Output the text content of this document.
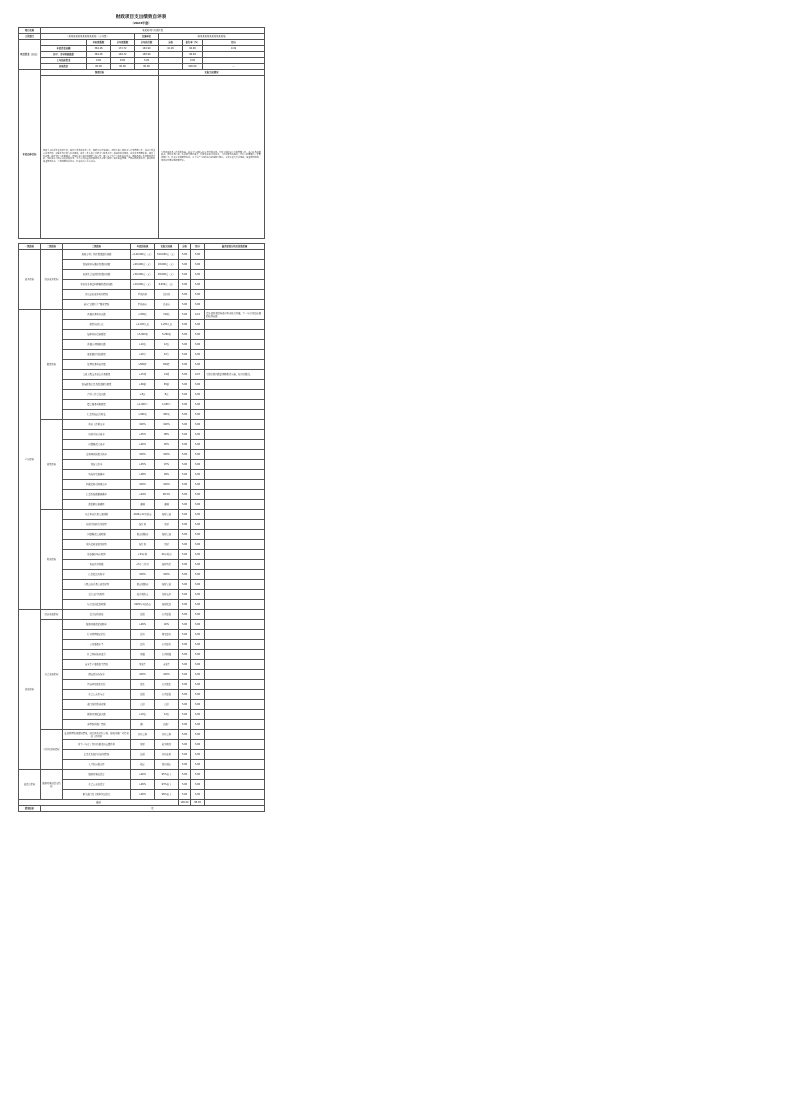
财政项目支出绩效自评表
（2024年度）
项目名称	某某某项目业务经费						
主管部门	（某某某某某某某某某某某某）（市本级）			实施单位	（某某某某某某某某某某某某）		
项目资金（万元）		年初预算数	全年预算数	全年执行数	分值	执行率（%）	得分
	年度资金总额	364.28	172.72	163.90	10.00	94.90	9.49
	其中：当年财政拨款	364.28	164.72	158.90		96.48	
	上年结转资金	0.00	8.00	5.00		0.00	
	其他资金	00.00	00.00	00.00		000.00	—
年度总体目标	预期目标				实际完成情况		
	围绕全市经济社会发展大局，做好年度各项业务工作，保障单位正常运转。组织实施专项检查与日常管理工作，完成年度重点任务目标；加强业务培训与队伍建设，提升工作人员专业能力与服务水平；推进信息化建设，完善业务管理系统，提高工作效率；做好宣传与政策解读，增强社会公众的知晓度与参与度；落实安全生产与风险防控要求，确保各项工作规范有序开展；及时完成上级交办的各项任务，为全市高质量发展提供有力支撑与保障；强化资金管理，严格按照预算执行，提高财政资金使用效益，实现预期经济效益、社会效益与生态效益。				年度各项业务工作有序推进，完成了年初设定的主要目标任务。开展专项检查与日常管理工作，重点任务如期完成；组织业务培训，队伍能力明显提升；信息化系统持续完善，工作效率有效提高；宣传与政策解读工作覆盖面扩大，社会公众满意度较高；安全生产与风险防控措施落实到位，未发生重大责任事故；资金使用规范，预算执行率达到预期要求。		
一级指标	二级指标	三级指标	年度指标值	实际完成值	分值	得分	偏差原因分析及改进措施
成本指标	经济成本指标	某某专项工作经费预算控制数	≤120,000元（元）	100,000元（元）	5.00	5.00	
		设备购置与维护经费控制数	≤20,000元（元）	18,000元（元）	5.00	5.00	
		培训及会议组织经费控制数	≤30,000元（元）	28,000元（元）	5.00	5.00	
		宣传及业务资料印刷经费控制数	≤10,000元（元）	9,000元（元）	5.00	5.00	
		日常运转成本控制情况	严格控制	已控制	5.00	5.00	
		落实“过紧日子”要求情况	严格落实	已落实	5.00	5.00	
产出指标	数量指标	开展业务检查次数	≥300次	310次	5.00	4.10	受外部因素影响部分检查延后开展，下一年度将提前做好统筹安排。
		组织培训人次	≥1,200人次	1,250人次	5.00	5.00	
		编印宣传资料数量	≥5,000份	5,200份	5.00	5.00	
		开展专项调研次数	≥10次	12次	5.00	5.00	
		更新维护设备数量	≥20台	22台	5.00	5.00	
		处理业务咨询件数	≥800件	820件	5.00	5.00	
		完成上级交办重点任务数量	≥15项	14项	5.00	4.67	个别任务因政策调整暂缓实施，将持续跟进。
		发布政务信息及政策解读数量	≥60条	65条	5.00	5.00	
		召开工作会议次数	≥8次	8次	5.00	5.00	
		覆盖服务对象数量	≥1,000户	1,050户	5.00	5.00	
		信息系统运行时长	≥360天	365天	5.00	5.00	
	质量指标	检查工作规范率	100%	100%	5.00	5.00	
		培训考核合格率	≥95%	98%	5.00	5.00	
		问题整改完成率	≥90%	95%	5.00	5.00	
		资料印制质量合格率	100%	100%	5.00	5.00	
		设备完好率	≥95%	97%	5.00	5.00	
		咨询答复准确率	≥98%	99%	5.00	5.00	
		档案资料归档规范率	100%	100%	5.00	5.00	
		信息系统数据准确率	≥99%	99.5%	5.00	5.00	
		政策解读准确性	准确	准确	5.00	5.00	
	时效指标	年度检查任务完成时限	2024年12月底前	按时完成	5.00	5.00	
		培训计划执行及时性	按计划	及时	5.00	5.00	
		问题整改完成时限	规定时限内	按时完成	5.00	5.00	
		宣传资料发放及时性	按计划	及时	5.00	5.00	
		设备维护响应时间	≤24小时	24小时内	5.00	5.00	
		咨询答复时限	≤5个工作日	按时答复	5.00	5.00	
		信息报送及时率	100%	100%	5.00	5.00	
		上级交办任务完成及时性	规定时限内	按时完成	5.00	5.00	
		资金支付及时性	按合同约定	及时支付	5.00	5.00	
		年度总结报送时限	2025年1月底前	按时报送	5.00	5.00	
效益指标	经济效益指标	资金使用效益	提高	有所提高	5.00	5.00	
	社会效益指标	服务对象政策知晓率	≥90%	92%	5.00	5.00	
		行业管理规范程度	提升	明显提升	5.00	5.00	
		公共服务水平	提升	有所提升	5.00	5.00	
		社会风险防控能力	增强	有所增强	5.00	5.00	
		安全生产事故发生情况	零发生	未发生	5.00	5.00	
		群众投诉办结率	100%	100%	5.00	5.00	
		营商环境优化程度	优化	有所优化	5.00	5.00	
		社会公众参与度	提高	有所提高	5.00	5.00	
		部门协作联动效果	良好	良好	5.00	5.00	
		媒体正面报道次数	≥10次	12次	5.00	5.00	
		典型经验推广情况	推广	已推广	5.00	5.00	
	可持续影响指标	长效管理机制建设情况，制度体系持续完善，形成可推广可复制的工作经验	持续完善	持续完善	5.00	5.00	
		对下一年度工作持续推进的支撑作用	明显	较为明显	5.00	5.00	
		信息化系统持续使用情况	长期	持续使用	5.00	5.00	
		人才队伍稳定性	稳定	保持稳定	5.00	5.00	
满意度指标	服务对象满意度指标	服务对象满意度	≥90%	95%以上	5.00	5.00	
		社会公众满意度	≥90%	93%以上	5.00	5.00	
		相关部门及上级单位满意度	≥90%	96%以上	5.00	5.00	
总分					100.00	98.38	
绩效结论	优						
